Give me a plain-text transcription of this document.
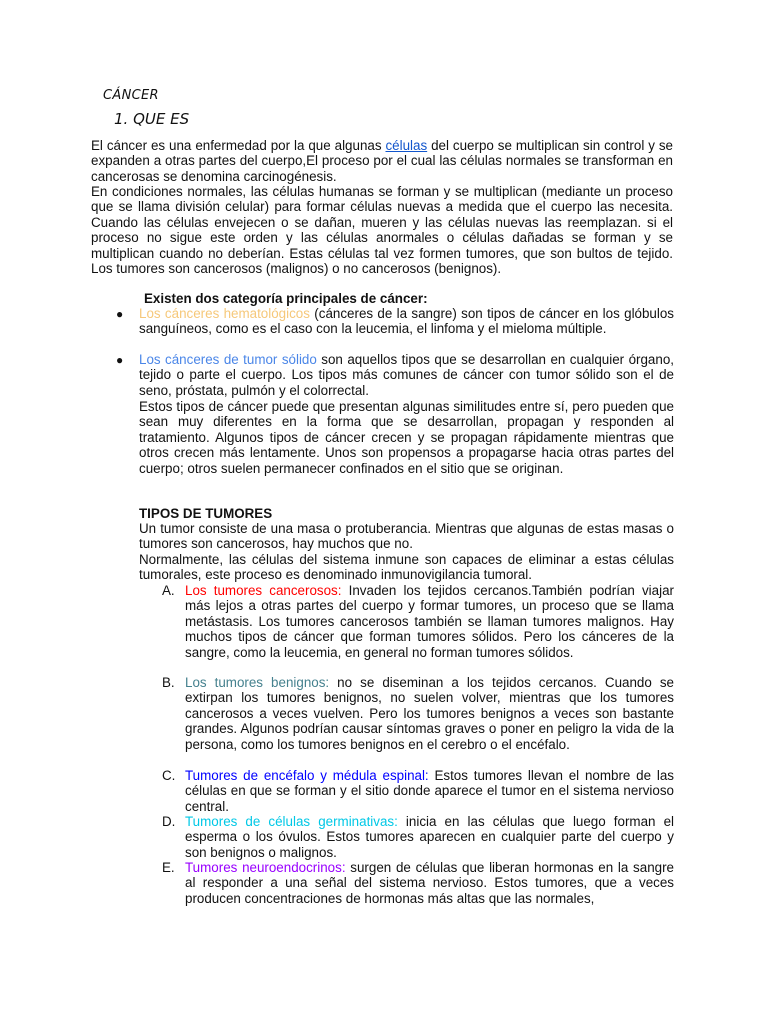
CÁNCER
1. QUE ES
El cáncer es una enfermedad por la que algunas células del cuerpo se multiplican sin control y se expanden a otras partes del cuerpo,El proceso por el cual las células normales se transforman en cancerosas se denomina carcinogénesis.
En condiciones normales, las células humanas se forman y se multiplican (mediante un proceso que se llama división celular) para formar células nuevas a medida que el cuerpo las necesita. Cuando las células envejecen o se dañan, mueren y las células nuevas las reemplazan. si el proceso no sigue este orden y las células anormales o células dañadas se forman y se multiplican cuando no deberían. Estas células tal vez formen tumores, que son bultos de tejido. Los tumores son cancerosos (malignos) o no cancerosos (benignos).
Existen dos categoría principales de cáncer:
● Los cánceres hematológicos (cánceres de la sangre) son tipos de cáncer en los glóbulos sanguíneos, como es el caso con la leucemia, el linfoma y el mieloma múltiple.
● Los cánceres de tumor sólido son aquellos tipos que se desarrollan en cualquier órgano, tejido o parte el cuerpo. Los tipos más comunes de cáncer con tumor sólido son el de seno, próstata, pulmón y el colorrectal.
Estos tipos de cáncer puede que presentan algunas similitudes entre sí, pero pueden que sean muy diferentes en la forma que se desarrollan, propagan y responden al tratamiento. Algunos tipos de cáncer crecen y se propagan rápidamente mientras que otros crecen más lentamente. Unos son propensos a propagarse hacia otras partes del cuerpo; otros suelen permanecer confinados en el sitio que se originan.
TIPOS DE TUMORES
Un tumor consiste de una masa o protuberancia. Mientras que algunas de estas masas o tumores son cancerosos, hay muchos que no.
Normalmente, las células del sistema inmune son capaces de eliminar a estas células tumorales, este proceso es denominado inmunovigilancia tumoral.
A. Los tumores cancerosos: Invaden los tejidos cercanos.También podrían viajar más lejos a otras partes del cuerpo y formar tumores, un proceso que se llama metástasis. Los tumores cancerosos también se llaman tumores malignos. Hay muchos tipos de cáncer que forman tumores sólidos. Pero los cánceres de la sangre, como la leucemia, en general no forman tumores sólidos.
B. Los tumores benignos: no se diseminan a los tejidos cercanos. Cuando se extirpan los tumores benignos, no suelen volver, mientras que los tumores cancerosos a veces vuelven. Pero los tumores benignos a veces son bastante grandes. Algunos podrían causar síntomas graves o poner en peligro la vida de la persona, como los tumores benignos en el cerebro o el encéfalo.
C. Tumores de encéfalo y médula espinal: Estos tumores llevan el nombre de las células en que se forman y el sitio donde aparece el tumor en el sistema nervioso central.
D. Tumores de células germinativas: inicia en las células que luego forman el esperma o los óvulos. Estos tumores aparecen en cualquier parte del cuerpo y son benignos o malignos.
E. Tumores neuroendocrinos: surgen de células que liberan hormonas en la sangre al responder a una señal del sistema nervioso. Estos tumores, que a veces producen concentraciones de hormonas más altas que las normales,
